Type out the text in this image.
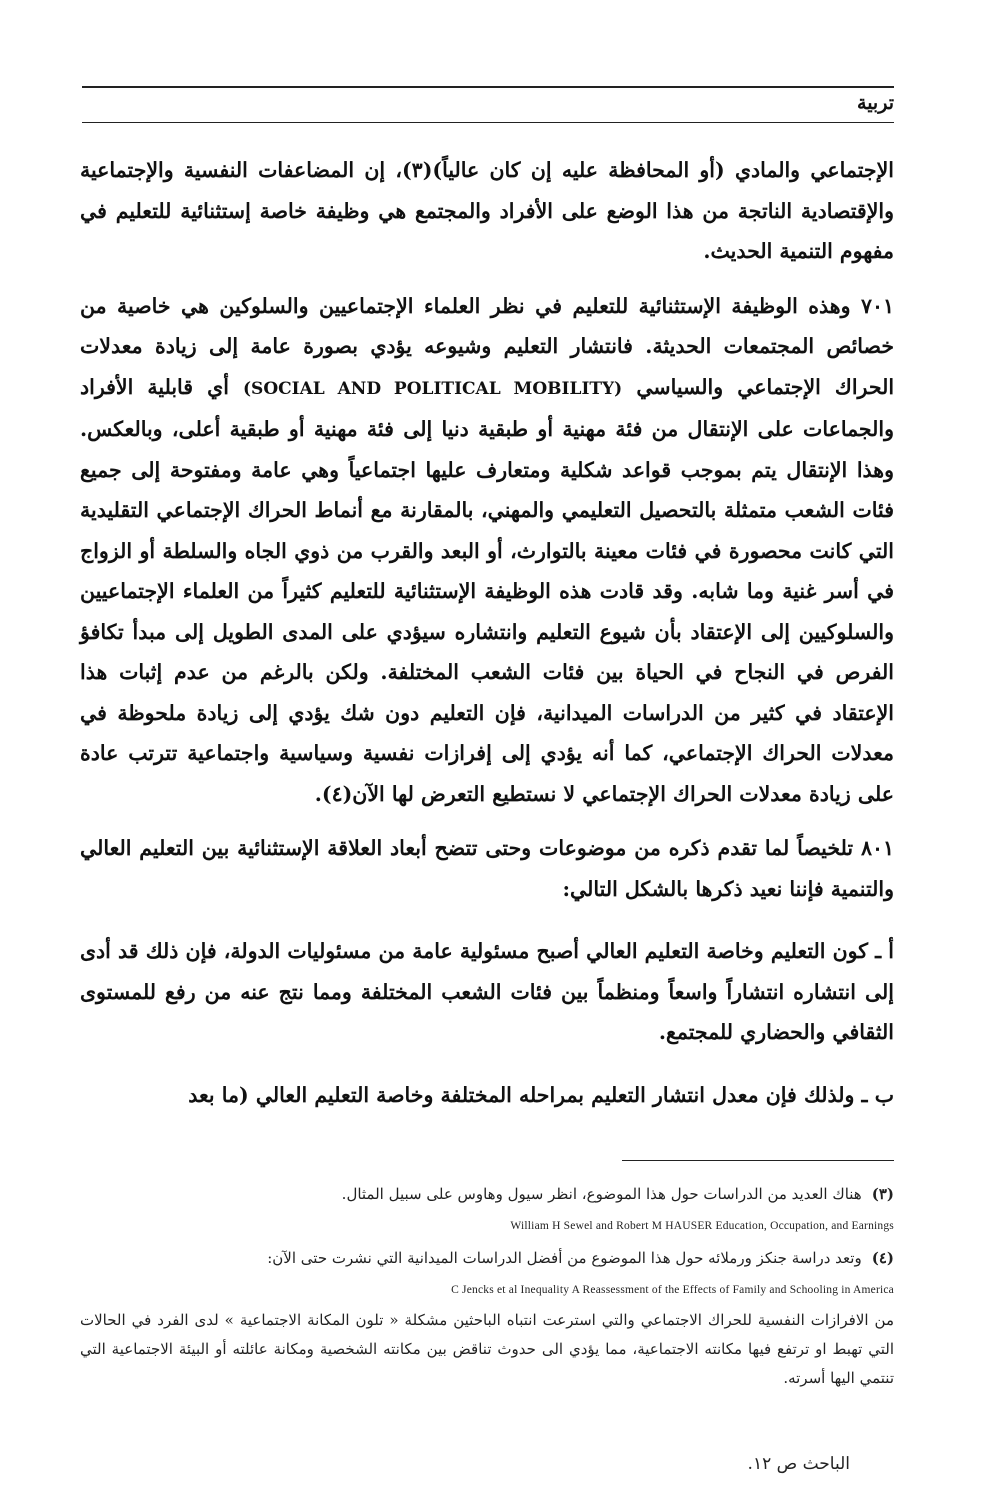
تربية

الإجتماعي والمادي (أو المحافظة عليه إن كان عالياً)(٣)، إن المضاعفات النفسية والإجتماعية والإقتصادية الناتجة من هذا الوضع على الأفراد والمجتمع هي وظيفة خاصة إستثنائية للتعليم في مفهوم التنمية الحديث.

٧٠١ وهذه الوظيفة الإستثنائية للتعليم في نظر العلماء الإجتماعيين والسلوكين هي خاصية من خصائص المجتمعات الحديثة. فانتشار التعليم وشيوعه يؤدي بصورة عامة إلى زيادة معدلات الحراك الإجتماعي والسياسي (SOCIAL AND POLITICAL MOBILITY) أي قابلية الأفراد والجماعات على الإنتقال من فئة مهنية أو طبقية دنيا إلى فئة مهنية أو طبقية أعلى، وبالعكس. وهذا الإنتقال يتم بموجب قواعد شكلية ومتعارف عليها اجتماعياً وهي عامة ومفتوحة إلى جميع فئات الشعب متمثلة بالتحصيل التعليمي والمهني، بالمقارنة مع أنماط الحراك الإجتماعي التقليدية التي كانت محصورة في فئات معينة بالتوارث، أو البعد والقرب من ذوي الجاه والسلطة أو الزواج في أسر غنية وما شابه. وقد قادت هذه الوظيفة الإستثنائية للتعليم كثيراً من العلماء الإجتماعيين والسلوكيين إلى الإعتقاد بأن شيوع التعليم وانتشاره سيؤدي على المدى الطويل إلى مبدأ تكافؤ الفرص في النجاح في الحياة بين فئات الشعب المختلفة. ولكن بالرغم من عدم إثبات هذا الإعتقاد في كثير من الدراسات الميدانية، فإن التعليم دون شك يؤدي إلى زيادة ملحوظة في معدلات الحراك الإجتماعي، كما أنه يؤدي إلى إفرازات نفسية وسياسية واجتماعية تترتب عادة على زيادة معدلات الحراك الإجتماعي لا نستطيع التعرض لها الآن(٤).

٨٠١ تلخيصاً لما تقدم ذكره من موضوعات وحتى تتضح أبعاد العلاقة الإستثنائية بين التعليم العالي والتنمية فإننا نعيد ذكرها بالشكل التالي:

أ ـ كون التعليم وخاصة التعليم العالي أصبح مسئولية عامة من مسئوليات الدولة، فإن ذلك قد أدى إلى انتشاره انتشاراً واسعاً ومنظماً بين فئات الشعب المختلفة ومما نتج عنه من رفع للمستوى الثقافي والحضاري للمجتمع.

ب ـ ولذلك فإن معدل انتشار التعليم بمراحله المختلفة وخاصة التعليم العالي (ما بعد

(٣)هناك العديد من الدراسات حول هذا الموضوع، انظر سيول وهاوس على سبيل المثال.

William H Sewel and Robert M HAUSER Education, Occupation, and Earnings

(٤)وتعد دراسة جنكز ورملائه حول هذا الموضوع من أفضل الدراسات الميدانية التي نشرت حتى الآن:

C Jencks et al Inequality A Reassessment of the Effects of Family and Schooling in America

من الافرازات النفسية للحراك الاجتماعي والتي استرعت انتباه الباحثين مشكلة « تلون المكانة الاجتماعية » لدى الفرد في الحالات التي تهبط او ترتفع فيها مكانته الاجتماعية، مما يؤدي الى حدوث تناقض بين مكانته الشخصية ومكانة عائلته أو البيئة الاجتماعية التي تنتمي اليها أسرته.

الباحث ص ١٢.
